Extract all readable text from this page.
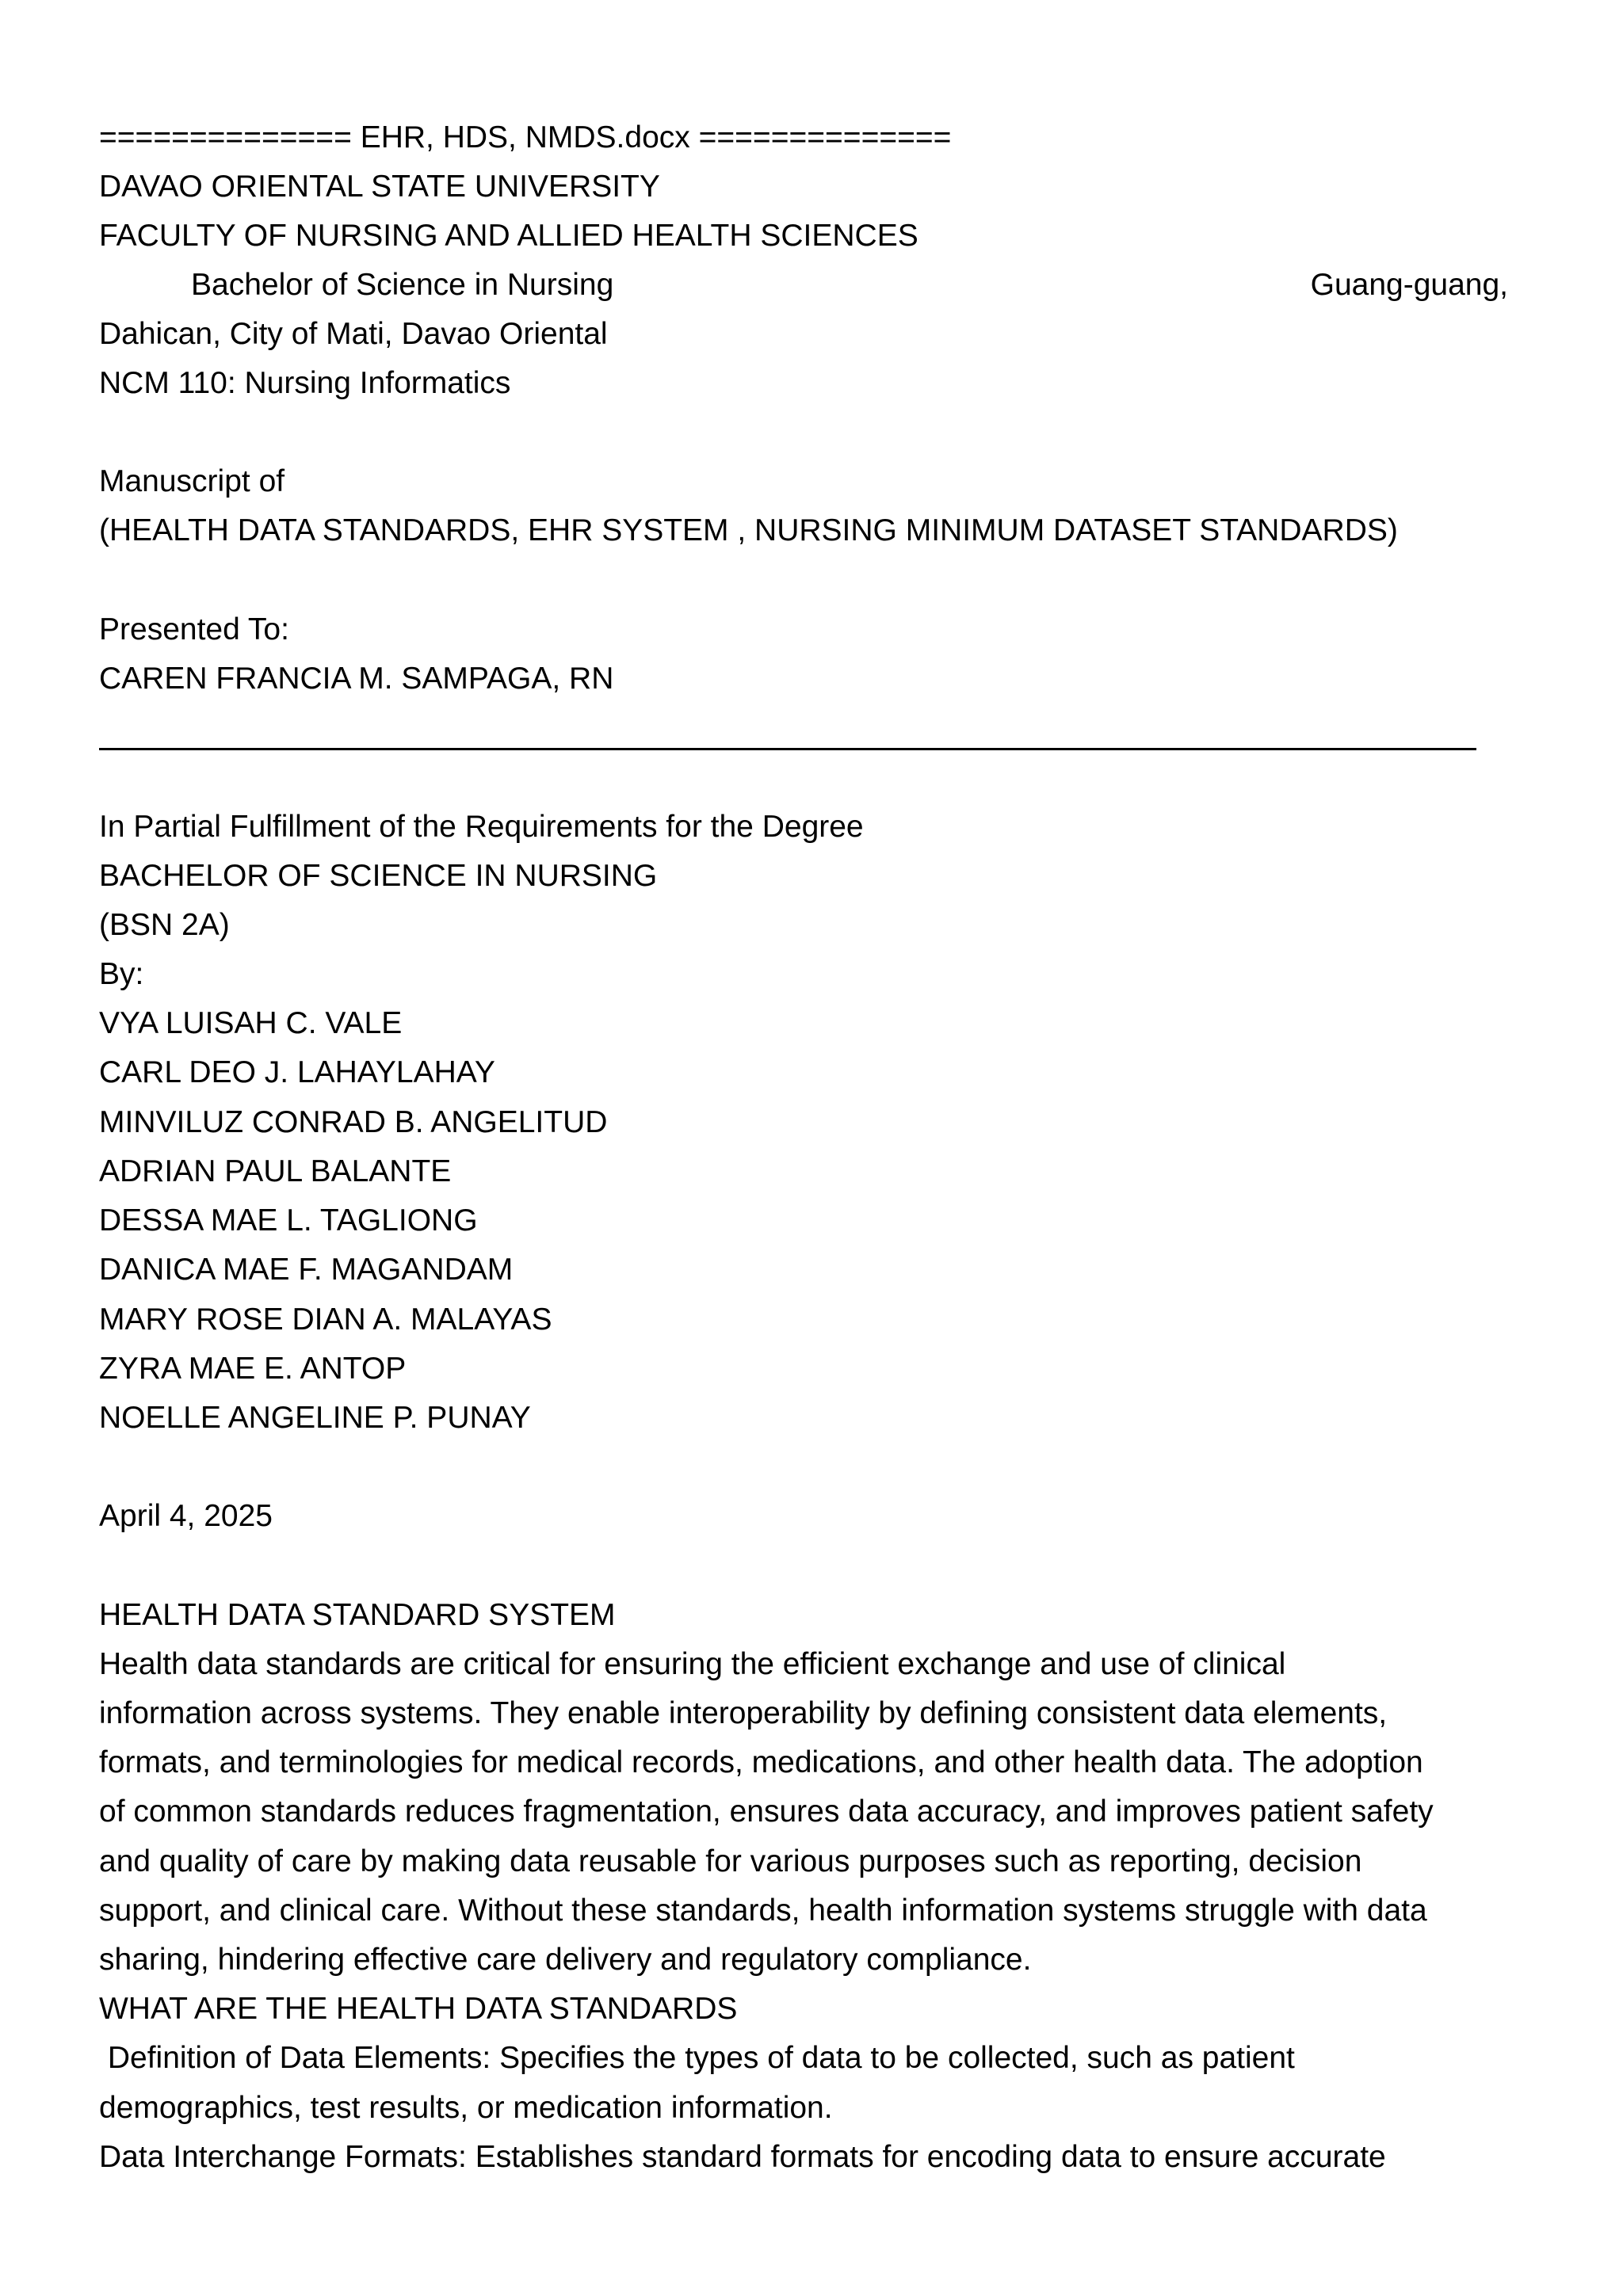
============== EHR, HDS, NMDS.docx ==============
DAVAO ORIENTAL STATE UNIVERSITY
FACULTY OF NURSING AND ALLIED HEALTH SCIENCES
Bachelor of Science in Nursing	Guang-guang,
Dahican, City of Mati, Davao Oriental
NCM 110: Nursing Informatics
Manuscript of
(HEALTH DATA STANDARDS, EHR SYSTEM , NURSING MINIMUM DATASET STANDARDS)
Presented To:
CAREN FRANCIA M. SAMPAGA, RN
In Partial Fulfillment of the Requirements for the Degree
BACHELOR OF SCIENCE IN NURSING
(BSN 2A)
By:
VYA LUISAH C. VALE
CARL DEO J. LAHAYLAHAY
MINVILUZ CONRAD B. ANGELITUD
ADRIAN PAUL BALANTE
DESSA MAE L. TAGLIONG
DANICA MAE F. MAGANDAM
MARY ROSE DIAN A. MALAYAS
ZYRA MAE E. ANTOP
NOELLE ANGELINE P. PUNAY
April 4, 2025
HEALTH DATA STANDARD SYSTEM
Health data standards are critical for ensuring the efficient exchange and use of clinical
information across systems. They enable interoperability by defining consistent data elements,
formats, and terminologies for medical records, medications, and other health data. The adoption
of common standards reduces fragmentation, ensures data accuracy, and improves patient safety
and quality of care by making data reusable for various purposes such as reporting, decision
support, and clinical care. Without these standards, health information systems struggle with data
sharing, hindering effective care delivery and regulatory compliance.
WHAT ARE THE HEALTH DATA STANDARDS
Definition of Data Elements: Specifies the types of data to be collected, such as patient
demographics, test results, or medication information.
Data Interchange Formats: Establishes standard formats for encoding data to ensure accurate
